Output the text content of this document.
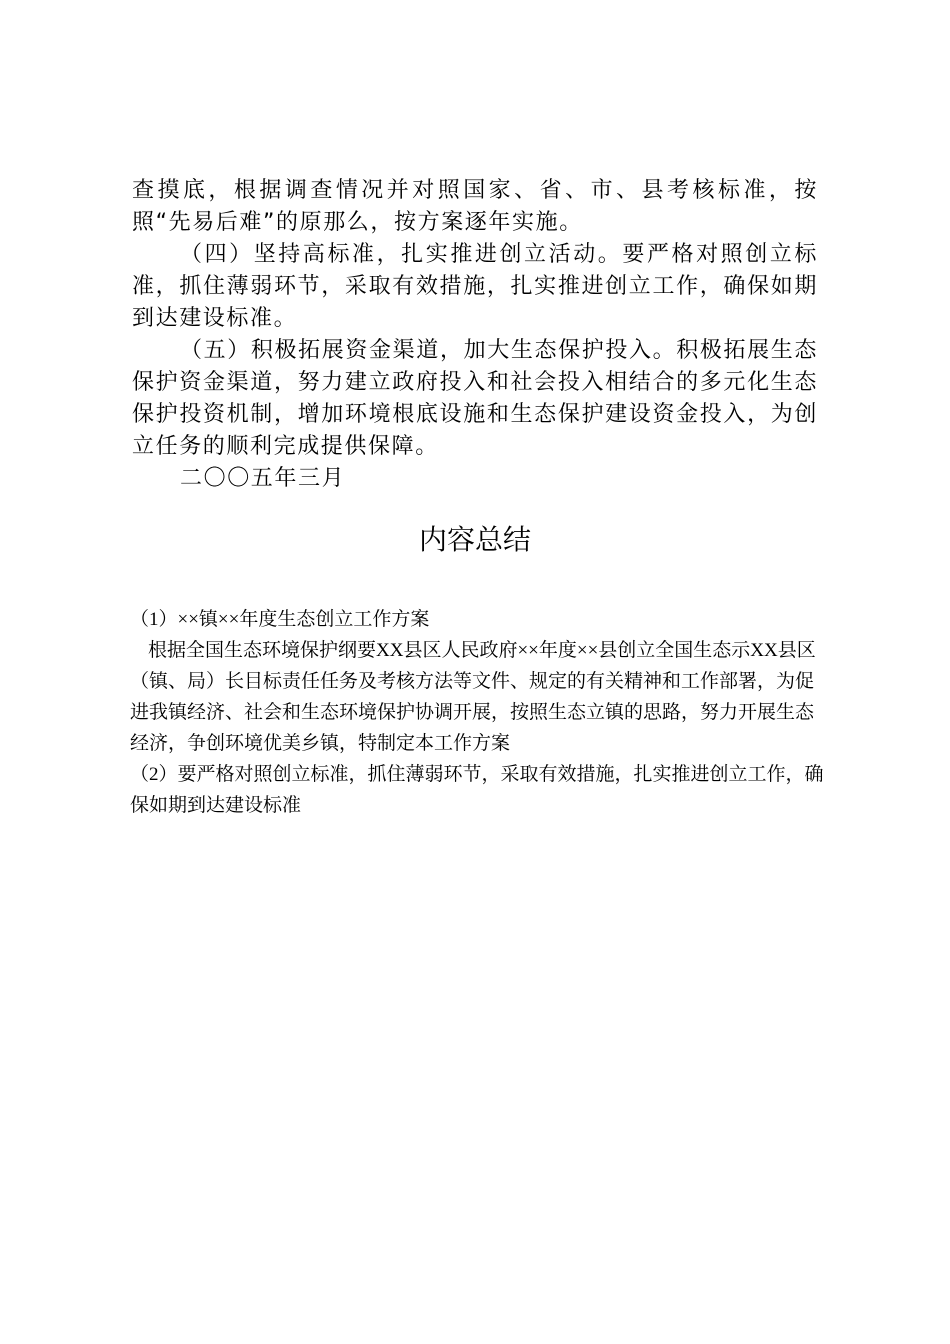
查摸底，根据调查情况并对照国家、省、市、县考核标准，按照“先易后难”的原那么，按方案逐年实施。

（四）坚持高标准，扎实推进创立活动。要严格对照创立标准，抓住薄弱环节，采取有效措施，扎实推进创立工作，确保如期到达建设标准。

（五）积极拓展资金渠道，加大生态保护投入。积极拓展生态保护资金渠道，努力建立政府投入和社会投入相结合的多元化生态保护投资机制，增加环境根底设施和生态保护建设资金投入，为创立任务的顺利完成提供保障。

二〇〇五年三月

内容总结

（1）××镇××年度生态创立工作方案

根据全国生态环境保护纲要XX县区人民政府××年度××县创立全国生态示XX县区（镇、局）长目标责任任务及考核方法等文件、规定的有关精神和工作部署，为促进我镇经济、社会和生态环境保护协调开展，按照生态立镇的思路，努力开展生态经济，争创环境优美乡镇，特制定本工作方案

（2）要严格对照创立标准，抓住薄弱环节，采取有效措施，扎实推进创立工作，确保如期到达建设标准
